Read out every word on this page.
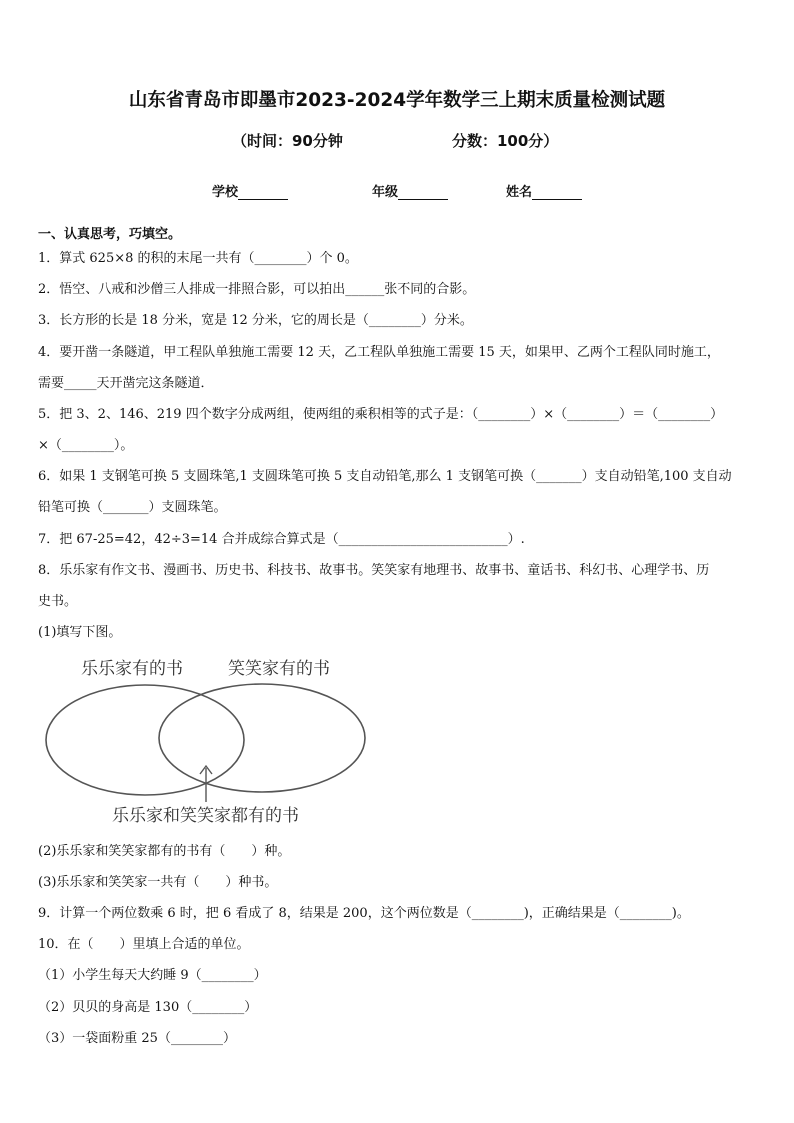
山东省青岛市即墨市2023-2024学年数学三上期末质量检测试题
（时间：90分钟	分数：100分）
学校	年级	姓名
一、认真思考，巧填空。
1．算式 625×8 的积的末尾一共有（________）个 0。
2．悟空、八戒和沙僧三人排成一排照合影，可以拍出______张不同的合影。
3．长方形的长是 18 分米，宽是 12 分米，它的周长是（________）分米。
4．要开凿一条隧道，甲工程队单独施工需要 12 天，乙工程队单独施工需要 15 天，如果甲、乙两个工程队同时施工，
需要_____天开凿完这条隧道．
5．把 3、2、146、219 四个数字分成两组，使两组的乘积相等的式子是：（________）×（________）＝（________）
×（________）。
6．如果 1 支钢笔可换 5 支圆珠笔,1 支圆珠笔可换 5 支自动铅笔,那么 1 支钢笔可换（_______）支自动铅笔,100 支自动
铅笔可换（_______）支圆珠笔。
7．把 67-25=42，42÷3=14 合并成综合算式是（__________________________）.
8．乐乐家有作文书、漫画书、历史书、科技书、故事书。笑笑家有地理书、故事书、童话书、科幻书、心理学书、历
史书。
(1)填写下图。
乐乐家有的书	笑笑家有的书
乐乐家和笑笑家都有的书
(2)乐乐家和笑笑家都有的书有（　　）种。
(3)乐乐家和笑笑家一共有（　　）种书。
9．计算一个两位数乘 6 时，把 6 看成了 8，结果是 200，这个两位数是（________)，正确结果是（________)。
10．在（　　）里填上合适的单位。
（1）小学生每天大约睡 9（________）
（2）贝贝的身高是 130（________）
（3）一袋面粉重 25（________）
